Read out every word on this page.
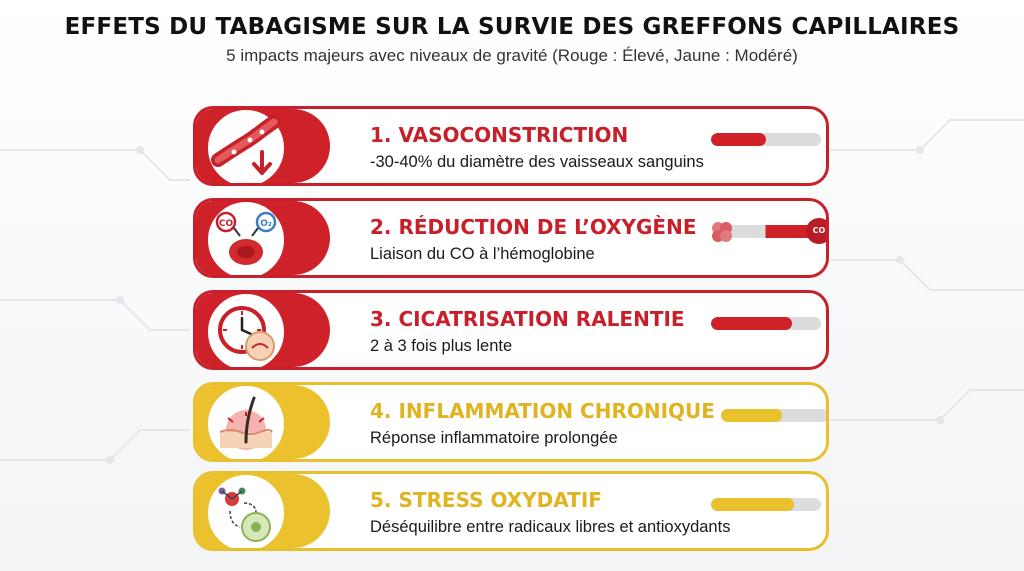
EFFETS DU TABAGISME SUR LA SURVIE DES GREFFONS CAPILLAIRES
5 impacts majeurs avec niveaux de gravité (Rouge : Élevé, Jaune : Modéré)
1. VASOCONSTRICTION
-30-40% du diamètre des vaisseaux sanguins
CO	O₂	2. RÉDUCTION DE L’OXYGÈNE
Liaison du CO à l’hémoglobine
CO
3. CICATRISATION RALENTIE
2 à 3 fois plus lente
4. INFLAMMATION CHRONIQUE
Réponse inflammatoire prolongée
5. STRESS OXYDATIF
Déséquilibre entre radicaux libres et antioxydants
